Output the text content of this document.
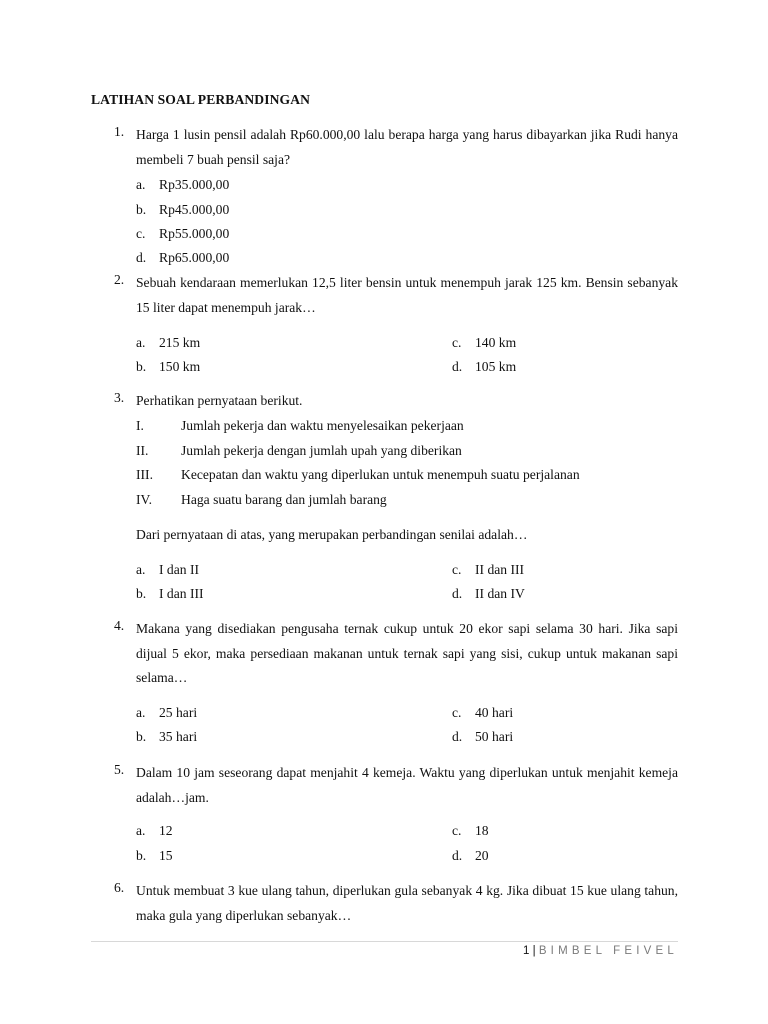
LATIHAN SOAL PERBANDINGAN
1. Harga 1 lusin pensil adalah Rp60.000,00 lalu berapa harga yang harus dibayarkan jika Rudi hanya membeli 7 buah pensil saja?
a. Rp35.000,00
b. Rp45.000,00
c. Rp55.000,00
d. Rp65.000,00
2. Sebuah kendaraan memerlukan 12,5 liter bensin untuk menempuh jarak 125 km. Bensin sebanyak 15 liter dapat menempuh jarak…
a. 215 km
b. 150 km
c. 140 km
d. 105 km
3. Perhatikan pernyataan berikut.
I.	Jumlah pekerja dan waktu menyelesaikan pekerjaan
II. Jumlah pekerja dengan jumlah upah yang diberikan
III. Kecepatan dan waktu yang diperlukan untuk menempuh suatu perjalanan
IV. Haga suatu barang dan jumlah barang
Dari pernyataan di atas, yang merupakan perbandingan senilai adalah…
a. I dan II
b. I dan III
c. II dan III
d. II dan IV
4. Makana yang disediakan pengusaha ternak cukup untuk 20 ekor sapi selama 30 hari. Jika sapi dijual 5 ekor, maka persediaan makanan untuk ternak sapi yang sisi, cukup untuk makanan sapi selama…
a. 25 hari
b. 35 hari
c. 40 hari
d. 50 hari
5. Dalam 10 jam seseorang dapat menjahit 4 kemeja. Waktu yang diperlukan untuk menjahit kemeja adalah…jam.
a. 12
b. 15
c. 18
d. 20
6. Untuk membuat 3 kue ulang tahun, diperlukan gula sebanyak 4 kg. Jika dibuat 15 kue ulang tahun, maka gula yang diperlukan sebanyak…
1 | BIMBEL FEIVEL
